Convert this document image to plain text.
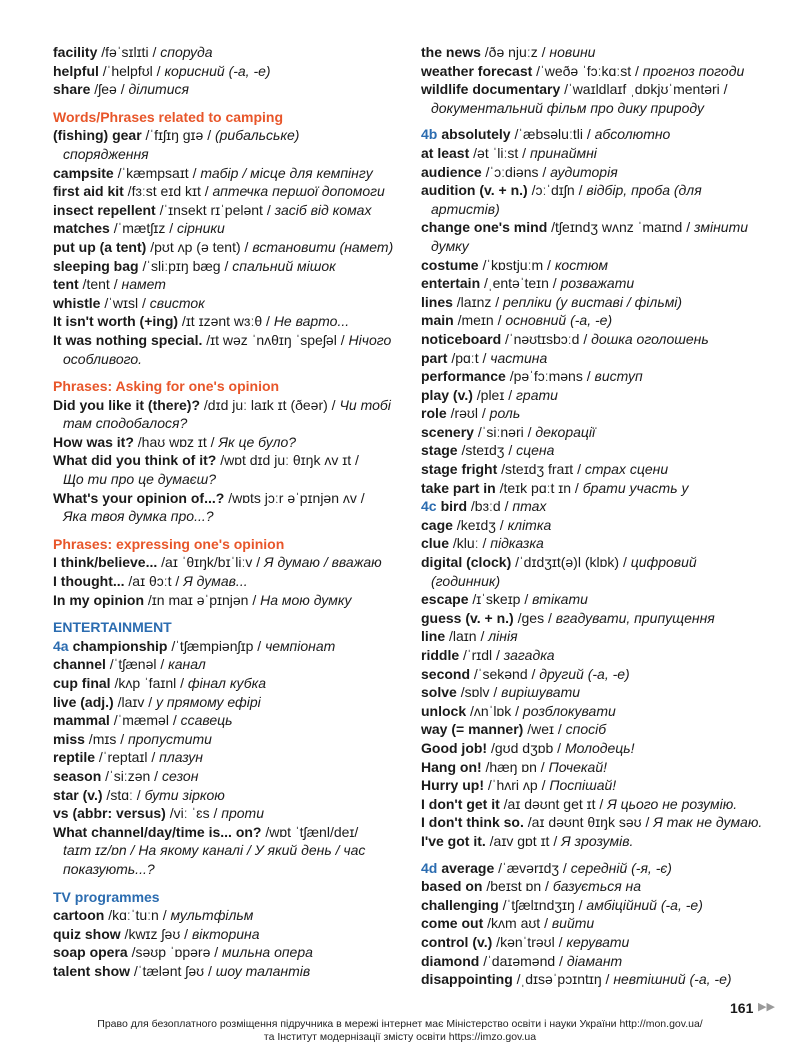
facility /fəˈsɪlɪti / споруда
helpful /ˈhelpfʊl / корисний (-а, -е)
share /ʃeə / ділитися
Words/Phrases related to camping
(fishing) gear /ˈfɪʃɪŋ gɪə / (рибальське)
спорядження
campsite /ˈkæmpsaɪt / табір / місце для кемпінгу
first aid kit /fɜːst eɪd kɪt / аптечка першої допомоги
insect repellent /ˈɪnsekt rɪˈpelənt / засіб від комах
matches /ˈmætʃɪz / сірники
put up (a tent) /pʊt ʌp (ə tent) / встановити (намет)
sleeping bag /ˈsliːpɪŋ bæg / спальний мішок
tent /tent / намет
whistle /ˈwɪsl / свисток
It isn't worth (+ing) /ɪt ɪzənt wɜːθ / Не варто...
It was nothing special. /ɪt wəz ˈnʌθɪŋ ˈspeʃəl / Нічого
особливого.
Phrases: Asking for one's opinion
Did you like it (there)? /dɪd juː laɪk ɪt (ðeər) / Чи тобі
там сподобалося?
How was it? /haʊ wɒz ɪt / Як це було?
What did you think of it? /wɒt dɪd juː θɪŋk ʌv ɪt /
Що ти про це думаєш?
What's your opinion of...? /wɒts jɔːr əˈpɪnjən ʌv /
Яка твоя думка про...?
Phrases: expressing one's opinion
I think/believe... /aɪ ˈθɪŋk/bɪˈliːv / Я думаю / вважаю
I thought... /aɪ θɔːt / Я думав...
In my opinion /ɪn maɪ əˈpɪnjən / На мою думку
ENTERTAINMENT
4a championship /ˈtʃæmpiənʃɪp / чемпіонат
channel /ˈtʃænəl / канал
cup final /kʌp ˈfaɪnl / фінал кубка
live (adj.) /laɪv / у прямому ефірі
mammal /ˈmæməl / ссавець
miss /mɪs / пропустити
reptile /ˈreptaɪl / плазун
season /ˈsiːzən / сезон
star (v.) /stɑː / бути зіркою
vs (abbr: versus) /viː ˈɛs / проти
What channel/day/time is... on? /wɒt ˈtʃænl/deɪ/
taɪm ɪz/ɒn / На якому каналі / У який день / час
показують...?
TV programmes
cartoon /kɑːˈtuːn / мультфільм
quiz show /kwɪz ʃəʊ / вікторина
soap opera /səʊp ˈɒpərə / мильна опера
talent show /ˈtælənt ʃəʊ / шоу талантів
the news /ðə njuːz / новини
weather forecast /ˈweðə ˈfɔːkɑːst / прогноз погоди
wildlife documentary /ˈwaɪldlaɪf ˌdɒkjʊˈmentəri /
документальний фільм про дику природу
4b absolutely /ˈæbsəluːtli / абсолютно
at least /ət ˈliːst / принаймні
audience /ˈɔːdiəns / аудиторія
audition (v. + n.) /ɔːˈdɪʃn / відбір, проба (для
артистів)
change one's mind /tʃeɪndʒ wʌnz ˈmaɪnd / змінити
думку
costume /ˈkɒstjuːm / костюм
entertain /ˌentəˈteɪn / розважати
lines /laɪnz / репліки (у виставі / фільмі)
main /meɪn / основний (-а, -е)
noticeboard /ˈnəʊtɪsbɔːd / дошка оголошень
part /pɑːt / частина
performance /pəˈfɔːməns / виступ
play (v.) /pleɪ / грати
role /rəʊl / роль
scenery /ˈsiːnəri / декорації
stage /steɪdʒ / сцена
stage fright /steɪdʒ fraɪt / страх сцени
take part in /teɪk pɑːt ɪn / брати участь у
4c bird /bɜːd / птах
cage /keɪdʒ / клітка
clue /kluː / підказка
digital (clock) /ˈdɪdʒɪt(ə)l (klɒk) / цифровий
(годинник)
escape /ɪˈskeɪp / втікати
guess (v. + n.) /ges / вгадувати, припущення
line /laɪn / лінія
riddle /ˈrɪdl / загадка
second /ˈsekənd / другий (-а, -е)
solve /sɒlv / вирішувати
unlock /ʌnˈlɒk / розблокувати
way (= manner) /weɪ / спосіб
Good job! /gʊd dʒɒb / Молодець!
Hang on! /hæŋ ɒn / Почекай!
Hurry up! /ˈhʌri ʌp / Поспішай!
I don't get it /aɪ dəʊnt get ɪt / Я цього не розумію.
I don't think so. /aɪ dəʊnt θɪŋk səʊ / Я так не думаю.
I've got it. /aɪv gɒt ɪt / Я зрозумів.
4d average /ˈævərɪdʒ / середній (-я, -є)
based on /beɪst ɒn / базується на
challenging /ˈtʃælɪndʒɪŋ / амбіційний (-а, -е)
come out /kʌm aʊt / вийти
control (v.) /kənˈtrəʊl / керувати
diamond /ˈdaɪəmənd / діамант
disappointing /ˌdɪsəˈpɔɪntɪŋ / невтішний (-а, -е)
161 ▶▶
Право для безоплатного розміщення підручника в мережі інтернет має Міністерство освіти і науки України http://mon.gov.ua/
та Інститут модернізації змісту освіти https://imzo.gov.ua
